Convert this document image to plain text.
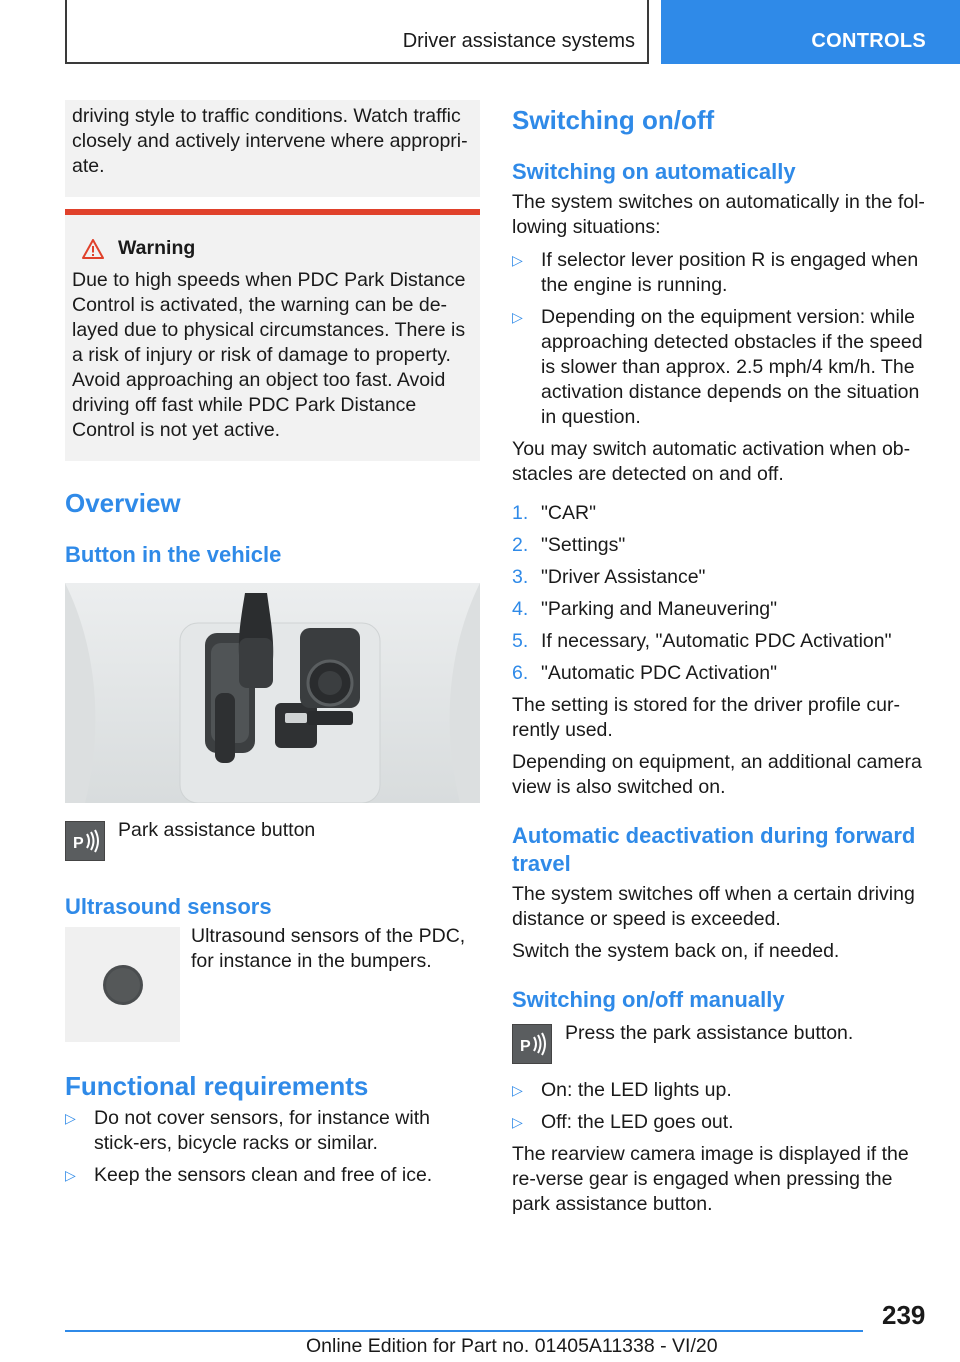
Driver assistance systems	CONTROLS
driving style to traffic conditions. Watch traffic closely and actively intervene where appropri-ate.
Warning

Due to high speeds when PDC Park Distance Control is activated, the warning can be de-layed due to physical circumstances. There is a risk of injury or risk of damage to property. Avoid approaching an object too fast. Avoid driving off fast while PDC Park Distance Control is not yet active.

Overview
Button in the vehicle
P

Park assistance button

Ultrasound sensors

Ultrasound sensors of the PDC, for instance in the bumpers.

Functional requirements
▷ Do not cover sensors, for instance with stick-ers, bicycle racks or similar.
▷ Keep the sensors clean and free of ice.
Switching on/off
Switching on automatically

The system switches on automatically in the fol-lowing situations:

▷ If selector lever position R is engaged when the engine is running.
▷ Depending on the equipment version: while approaching detected obstacles if the speed is slower than approx. 2.5 mph/4 km/h. The activation distance depends on the situation in question.

You may switch automatic activation when ob-stacles are detected on and off.

1. "CAR"
2. "Settings"
3. "Driver Assistance"
4. "Parking and Maneuvering"
5. If necessary, "Automatic PDC Activation"
6. "Automatic PDC Activation"

The setting is stored for the driver profile cur-rently used.

Depending on equipment, an additional camera view is also switched on.

Automatic deactivation during forward travel

The system switches off when a certain driving distance or speed is exceeded.

Switch the system back on, if needed.

Switching on/off manually
P

Press the park assistance button.

▷ On: the LED lights up.
▷ Off: the LED goes out.

The rearview camera image is displayed if the re-verse gear is engaged when pressing the park assistance button.

239
Online Edition for Part no. 01405A11338 - VI/20
